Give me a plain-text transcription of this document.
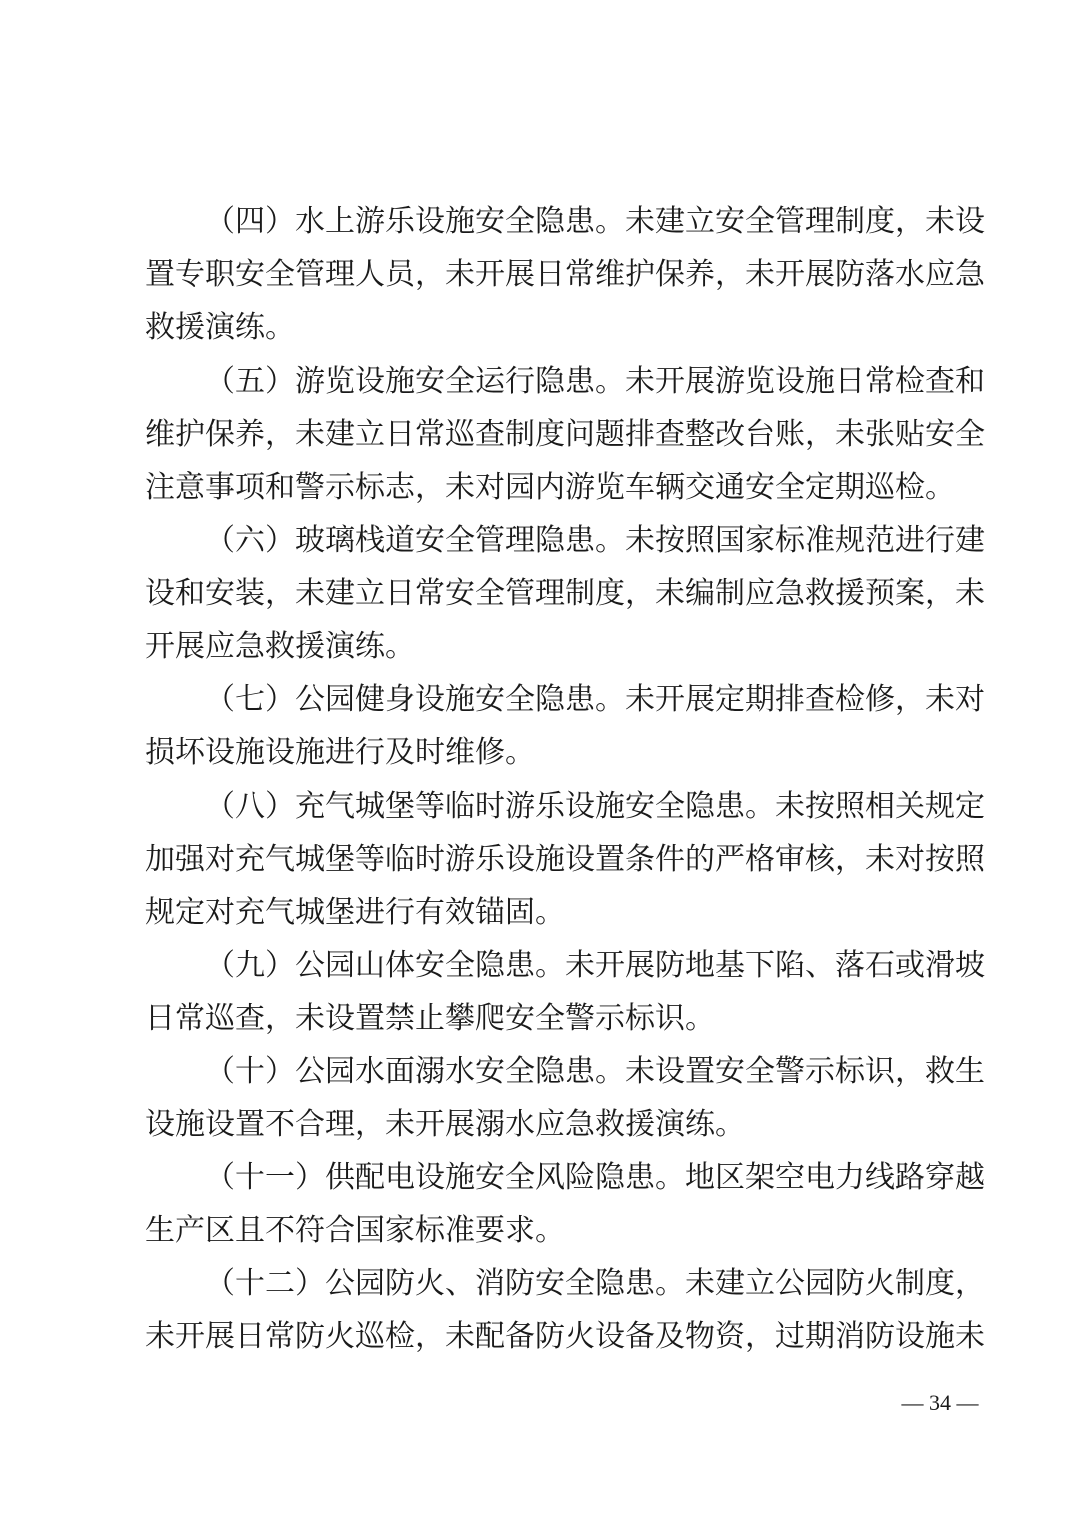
（四）水上游乐设施安全隐患。未建立安全管理制度，未设
置专职安全管理人员，未开展日常维护保养，未开展防落水应急
救援演练。
（五）游览设施安全运行隐患。未开展游览设施日常检查和
维护保养，未建立日常巡查制度问题排查整改台账，未张贴安全
注意事项和警示标志，未对园内游览车辆交通安全定期巡检。
（六）玻璃栈道安全管理隐患。未按照国家标准规范进行建
设和安装，未建立日常安全管理制度，未编制应急救援预案，未
开展应急救援演练。
（七）公园健身设施安全隐患。未开展定期排查检修，未对
损坏设施设施进行及时维修。
（八）充气城堡等临时游乐设施安全隐患。未按照相关规定
加强对充气城堡等临时游乐设施设置条件的严格审核，未对按照
规定对充气城堡进行有效锚固。
（九）公园山体安全隐患。未开展防地基下陷、落石或滑坡
日常巡查，未设置禁止攀爬安全警示标识。
（十）公园水面溺水安全隐患。未设置安全警示标识，救生
设施设置不合理，未开展溺水应急救援演练。
（十一）供配电设施安全风险隐患。地区架空电力线路穿越
生产区且不符合国家标准要求。
（十二）公园防火、消防安全隐患。未建立公园防火制度，
未开展日常防火巡检，未配备防火设备及物资，过期消防设施未
— 34 —
